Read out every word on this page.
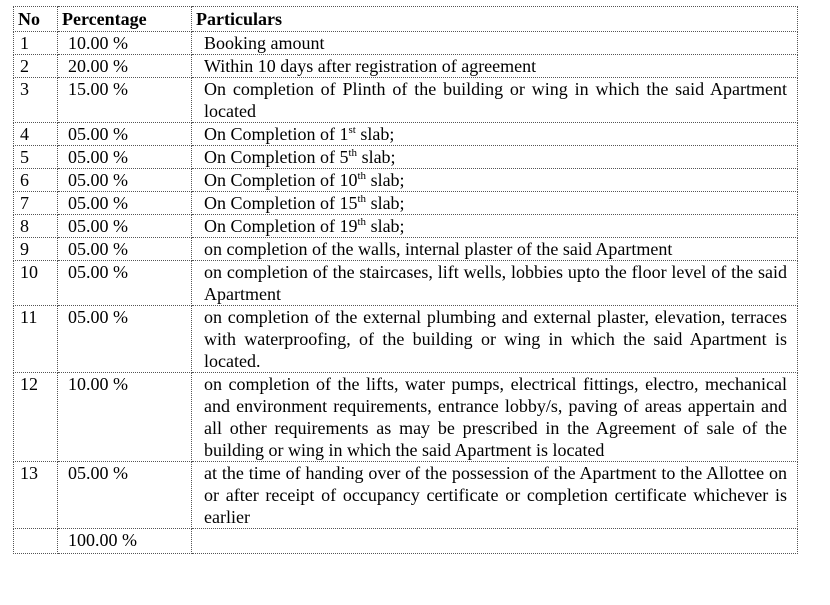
No	Percentage	Particulars
1	10.00 %	Booking amount
2	20.00 %	Within 10 days after registration of agreement
3	15.00 %	On completion of Plinth of the building or wing in which the said Apartment located
4	05.00 %	On Completion of 1st slab;
5	05.00 %	On Completion of 5th slab;
6	05.00 %	On Completion of 10th slab;
7	05.00 %	On Completion of 15th slab;
8	05.00 %	On Completion of 19th slab;
9	05.00 %	on completion of the walls, internal plaster of the said Apartment
10	05.00 %	on completion of the staircases, lift wells, lobbies upto the floor level of the said Apartment
11	05.00 %	on completion of the external plumbing and external plaster, elevation, terraces with waterproofing, of the building or wing in which the said Apartment is located.
12	10.00 %	on completion of the lifts, water pumps, electrical fittings, electro, mechanical and environment requirements, entrance lobby/s, paving of areas appertain and all other requirements as may be prescribed in the Agreement of sale of the building or wing in which the said Apartment is located
13	05.00 %	at the time of handing over of the possession of the Apartment to the Allottee on or after receipt of occupancy certificate or completion certificate whichever is earlier
	100.00 %	
